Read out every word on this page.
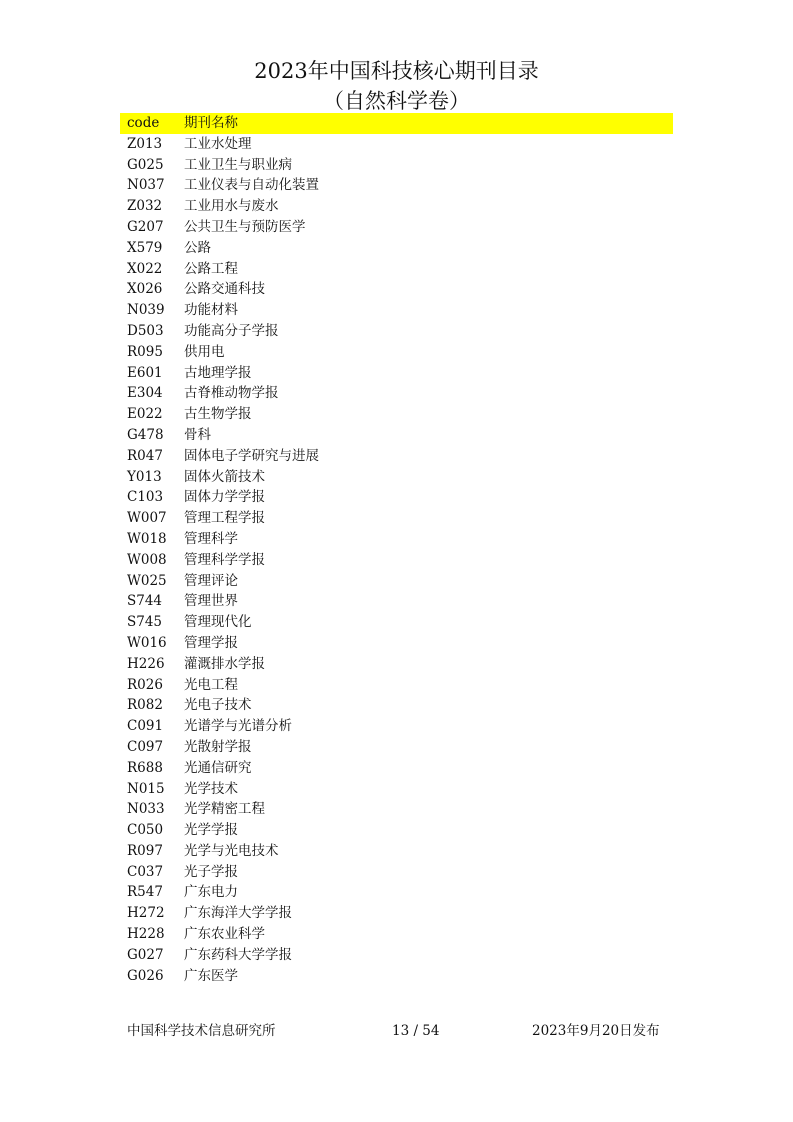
2023年中国科技核心期刊目录
（自然科学卷）
code	期刊名称
Z013	工业水处理
G025	工业卫生与职业病
N037	工业仪表与自动化装置
Z032	工业用水与废水
G207	公共卫生与预防医学
X579	公路
X022	公路工程
X026	公路交通科技
N039	功能材料
D503	功能高分子学报
R095	供用电
E601	古地理学报
E304	古脊椎动物学报
E022	古生物学报
G478	骨科
R047	固体电子学研究与进展
Y013	固体火箭技术
C103	固体力学学报
W007	管理工程学报
W018	管理科学
W008	管理科学学报
W025	管理评论
S744	管理世界
S745	管理现代化
W016	管理学报
H226	灌溉排水学报
R026	光电工程
R082	光电子技术
C091	光谱学与光谱分析
C097	光散射学报
R688	光通信研究
N015	光学技术
N033	光学精密工程
C050	光学学报
R097	光学与光电技术
C037	光子学报
R547	广东电力
H272	广东海洋大学学报
H228	广东农业科学
G027	广东药科大学学报
G026	广东医学
中国科学技术信息研究所	13 / 54	2023年9月20日发布
